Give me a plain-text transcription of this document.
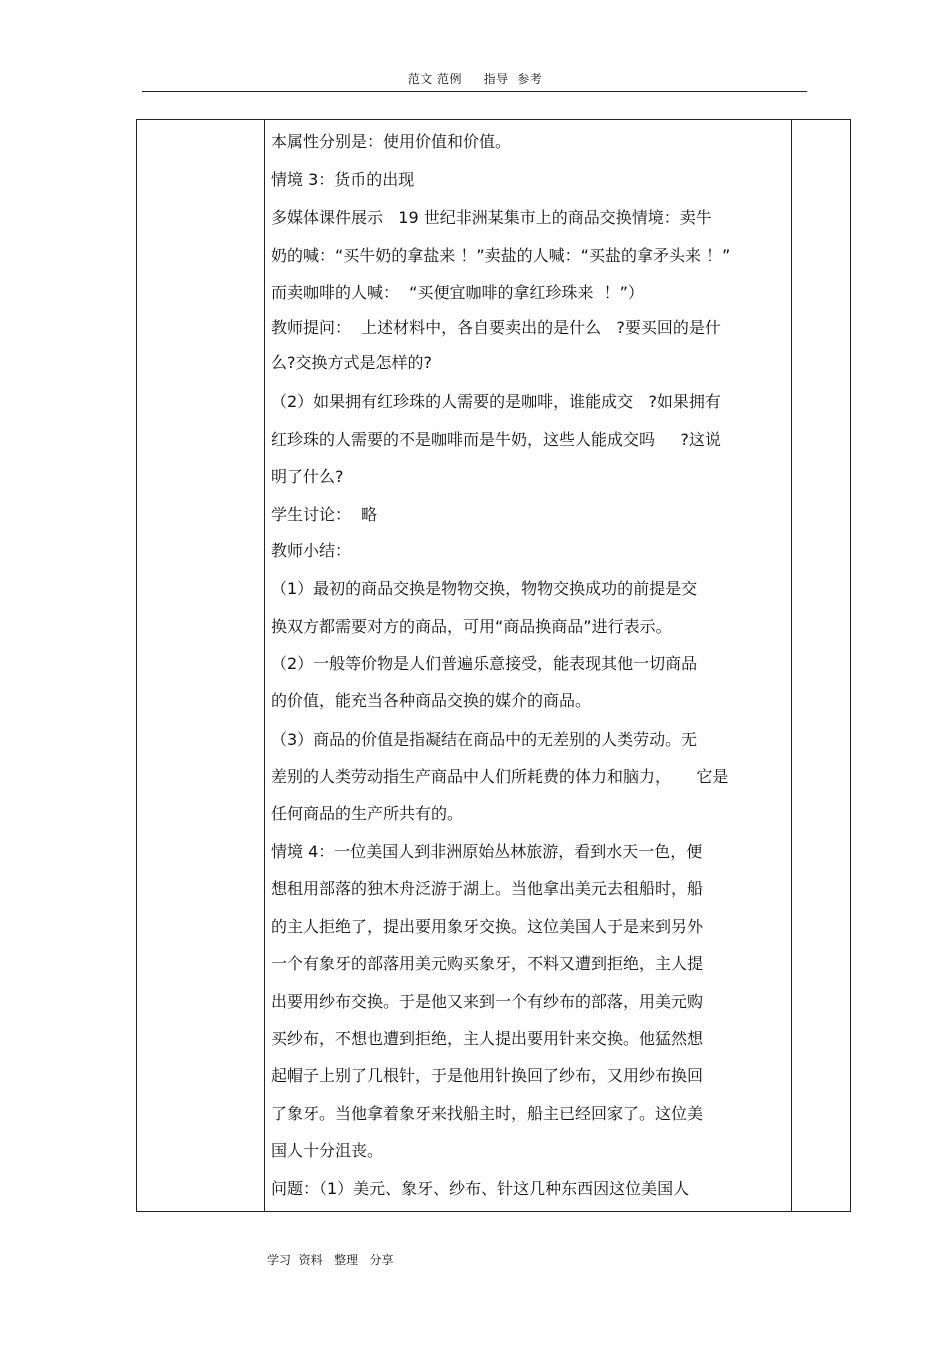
范文 范例     指导  参考
本属性分别是：使用价值和价值。
情境 3：货币的出现
多媒体课件展示   19 世纪非洲某集市上的商品交换情境：卖牛
奶的喊：“买牛奶的拿盐来 ！”卖盐的人喊：“买盐的拿矛头来 ！”
而卖咖啡的人喊：  “买便宜咖啡的拿红珍珠来  ！”）
教师提问：  上述材料中，各自要卖出的是什么   ?要买回的是什
么?交换方式是怎样的?
（2）如果拥有红珍珠的人需要的是咖啡，谁能成交   ?如果拥有
红珍珠的人需要的不是咖啡而是牛奶，这些人能成交吗     ?这说
明了什么?
学生讨论：  略
教师小结：
（1）最初的商品交换是物物交换，物物交换成功的前提是交
换双方都需要对方的商品，可用“商品换商品”进行表示。
（2）一般等价物是人们普遍乐意接受，能表现其他一切商品
的价值，能充当各种商品交换的媒介的商品。
（3）商品的价值是指凝结在商品中的无差别的人类劳动。无
差别的人类劳动指生产商品中人们所耗费的体力和脑力，     它是
任何商品的生产所共有的。
情境 4：一位美国人到非洲原始丛林旅游，看到水天一色，便
想租用部落的独木舟泛游于湖上。当他拿出美元去租船时，船
的主人拒绝了，提出要用象牙交换。这位美国人于是来到另外
一个有象牙的部落用美元购买象牙，不料又遭到拒绝，主人提
出要用纱布交换。于是他又来到一个有纱布的部落，用美元购
买纱布，不想也遭到拒绝，主人提出要用针来交换。他猛然想
起帽子上别了几根针，于是他用针换回了纱布，又用纱布换回
了象牙。当他拿着象牙来找船主时，船主已经回家了。这位美
国人十分沮丧。
问题：（1）美元、象牙、纱布、针这几种东西因这位美国人
学习  资料   整理   分享
